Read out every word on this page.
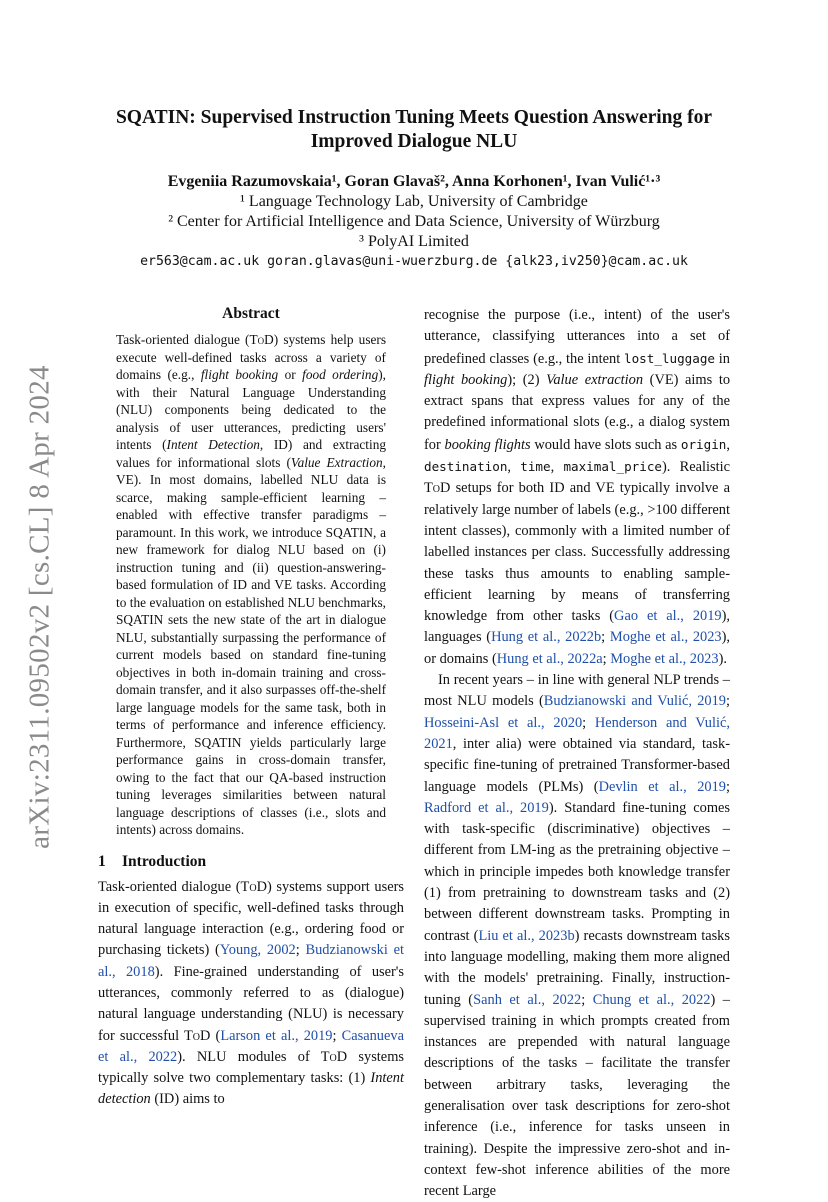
arXiv:2311.09502v2 [cs.CL] 8 Apr 2024
SQATIN: Supervised Instruction Tuning Meets Question Answering for
Improved Dialogue NLU
Evgeniia Razumovskaia¹, Goran Glavaš², Anna Korhonen¹, Ivan Vulić¹·³
¹ Language Technology Lab, University of Cambridge
² Center for Artificial Intelligence and Data Science, University of Würzburg
³ PolyAI Limited
er563@cam.ac.uk goran.glavas@uni-wuerzburg.de {alk23,iv250}@cam.ac.uk
Abstract

Task-oriented dialogue (ToD) systems help users execute well-defined tasks across a variety of domains (e.g., flight booking or food ordering), with their Natural Language Understanding (NLU) components being dedicated to the analysis of user utterances, predicting users' intents (Intent Detection, ID) and extracting values for informational slots (Value Extraction, VE). In most domains, labelled NLU data is scarce, making sample-efficient learning – enabled with effective transfer paradigms – paramount. In this work, we introduce SQATIN, a new framework for dialog NLU based on (i) instruction tuning and (ii) question-answering-based formulation of ID and VE tasks. According to the evaluation on established NLU benchmarks, SQATIN sets the new state of the art in dialogue NLU, substantially surpassing the performance of current models based on standard fine-tuning objectives in both in-domain training and cross-domain transfer, and it also surpasses off-the-shelf large language models for the same task, both in terms of performance and inference efficiency. Furthermore, SQATIN yields particularly large performance gains in cross-domain transfer, owing to the fact that our QA-based instruction tuning leverages similarities between natural language descriptions of classes (i.e., slots and intents) across domains.

1 Introduction

Task-oriented dialogue (ToD) systems support users in execution of specific, well-defined tasks through natural language interaction (e.g., ordering food or purchasing tickets) (Young, 2002; Budzianowski et al., 2018). Fine-grained understanding of user's utterances, commonly referred to as (dialogue) natural language understanding (NLU) is necessary for successful ToD (Larson et al., 2019; Casanueva et al., 2022). NLU modules of ToD systems typically solve two complementary tasks: (1) Intent detection (ID) aims to

recognise the purpose (i.e., intent) of the user's utterance, classifying utterances into a set of predefined classes (e.g., the intent lost_luggage in flight booking); (2) Value extraction (VE) aims to extract spans that express values for any of the predefined informational slots (e.g., a dialog system for booking flights would have slots such as origin, destination, time, maximal_price). Realistic ToD setups for both ID and VE typically involve a relatively large number of labels (e.g., >100 different intent classes), commonly with a limited number of labelled instances per class. Successfully addressing these tasks thus amounts to enabling sample-efficient learning by means of transferring knowledge from other tasks (Gao et al., 2019), languages (Hung et al., 2022b; Moghe et al., 2023), or domains (Hung et al., 2022a; Moghe et al., 2023).

In recent years – in line with general NLP trends – most NLU models (Budzianowski and Vulić, 2019; Hosseini-Asl et al., 2020; Henderson and Vulić, 2021, inter alia) were obtained via standard, task-specific fine-tuning of pretrained Transformer-based language models (PLMs) (Devlin et al., 2019; Radford et al., 2019). Standard fine-tuning comes with task-specific (discriminative) objectives – different from LM-ing as the pretraining objective – which in principle impedes both knowledge transfer (1) from pretraining to downstream tasks and (2) between different downstream tasks. Prompting in contrast (Liu et al., 2023b) recasts downstream tasks into language modelling, making them more aligned with the models' pretraining. Finally, instruction-tuning (Sanh et al., 2022; Chung et al., 2022) – supervised training in which prompts created from instances are prepended with natural language descriptions of the tasks – facilitate the transfer between arbitrary tasks, leveraging the generalisation over task descriptions for zero-shot inference (i.e., inference for tasks unseen in training). Despite the impressive zero-shot and in-context few-shot inference abilities of the more recent Large
